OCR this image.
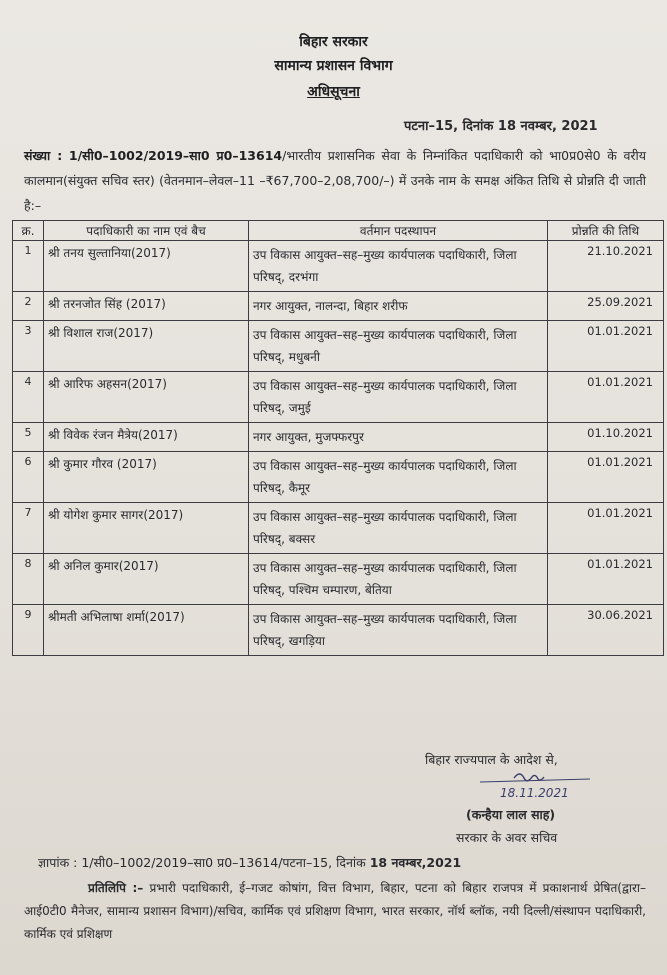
बिहार सरकार
सामान्य प्रशासन विभाग
अधिसूचना
पटना–15, दिनांक 18 नवम्बर, 2021
संख्या : 1/सी0–1002/2019–सा0 प्र0–13614/भारतीय प्रशासनिक सेवा के निम्नांकित पदाधिकारी को भा0प्र0से0 के वरीय कालमान(संयुक्त सचिव स्तर) (वेतनमान–लेवल–11 –₹67,700–2,08,700/–) में उनके नाम के समक्ष अंकित तिथि से प्रोन्नति दी जाती है:–
क्र.	पदाधिकारी का नाम एवं बैच	वर्तमान पदस्थापन	प्रोन्नति की तिथि
1	श्री तनय सुल्तानिया(2017)	उप विकास आयुक्त–सह–मुख्य कार्यपालक पदाधिकारी, जिला परिषद्, दरभंगा	21.10.2021
2	श्री तरनजोत सिंह (2017)	नगर आयुक्त, नालन्दा, बिहार शरीफ	25.09.2021
3	श्री विशाल राज(2017)	उप विकास आयुक्त–सह–मुख्य कार्यपालक पदाधिकारी, जिला परिषद्, मधुबनी	01.01.2021
4	श्री आरिफ अहसन(2017)	उप विकास आयुक्त–सह–मुख्य कार्यपालक पदाधिकारी, जिला परिषद्, जमुई	01.01.2021
5	श्री विवेक रंजन मैत्रेय(2017)	नगर आयुक्त, मुजफ्फरपुर	01.10.2021
6	श्री कुमार गौरव (2017)	उप विकास आयुक्त–सह–मुख्य कार्यपालक पदाधिकारी, जिला परिषद्, कैमूर	01.01.2021
7	श्री योगेश कुमार सागर(2017)	उप विकास आयुक्त–सह–मुख्य कार्यपालक पदाधिकारी, जिला परिषद्, बक्सर	01.01.2021
8	श्री अनिल कुमार(2017)	उप विकास आयुक्त–सह–मुख्य कार्यपालक पदाधिकारी, जिला परिषद्, पश्चिम चम्पारण, बेतिया	01.01.2021
9	श्रीमती अभिलाषा शर्मा(2017)	उप विकास आयुक्त–सह–मुख्य कार्यपालक पदाधिकारी, जिला परिषद्, खगड़िया	30.06.2021
बिहार राज्यपाल के आदेश से,
18.11.2021
(कन्हैया लाल साह)
सरकार के अवर सचिव
ज्ञापांक : 1/सी0–1002/2019–सा0 प्र0–13614/पटना–15, दिनांक 18 नवम्बर,2021
प्रतिलिपि :– प्रभारी पदाधिकारी, ई–गजट कोषांग, वित्त विभाग, बिहार, पटना को बिहार राजपत्र में प्रकाशनार्थ प्रेषित(द्वारा–आई0टी0 मैनेजर, सामान्य प्रशासन विभाग)/सचिव, कार्मिक एवं प्रशिक्षण विभाग, भारत सरकार, नॉर्थ ब्लॉक, नयी दिल्ली/संस्थापन पदाधिकारी, कार्मिक एवं प्रशिक्षण
